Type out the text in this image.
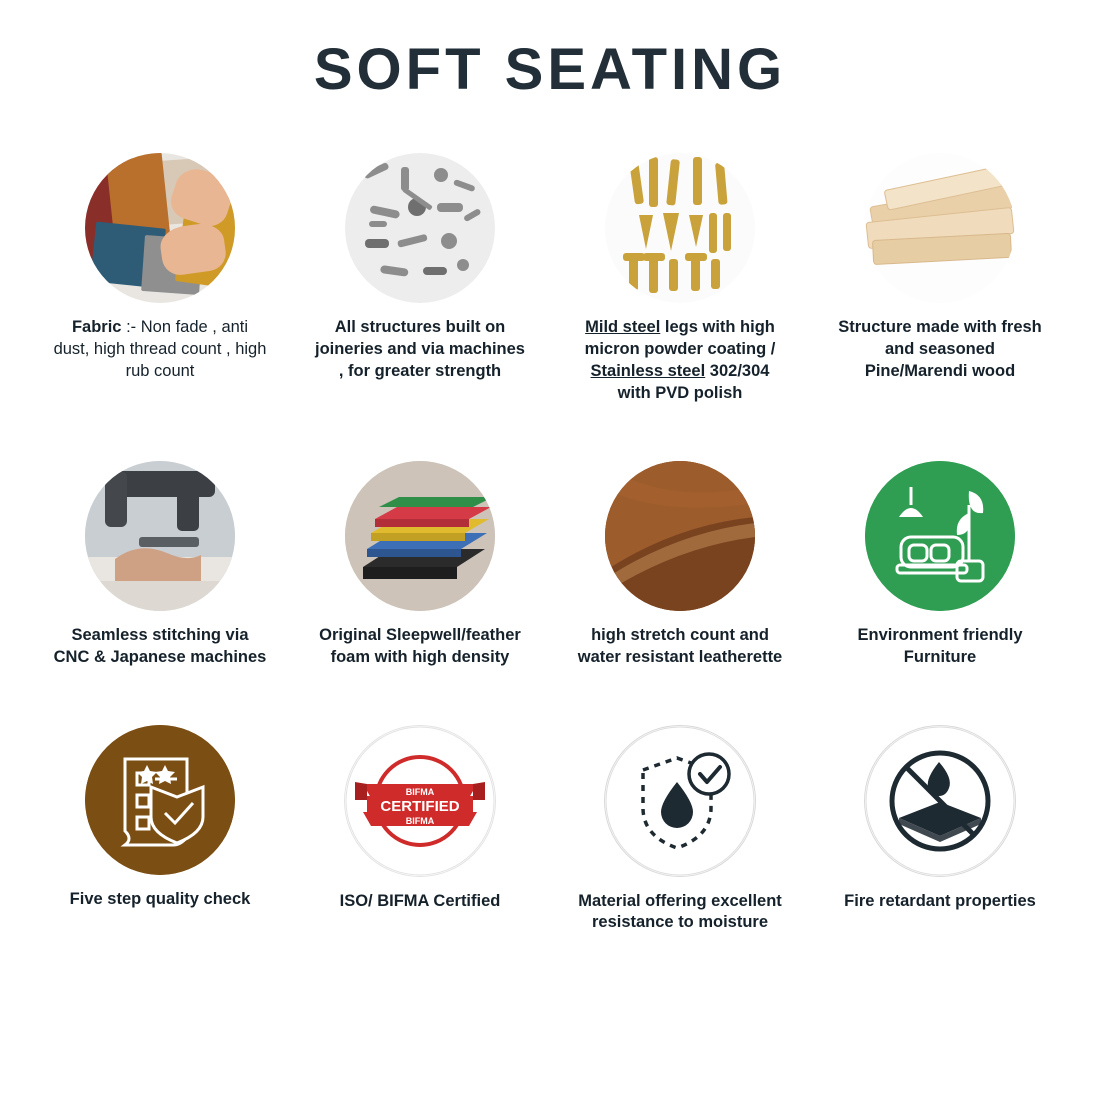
SOFT SEATING
Fabric :- Non fade , anti dust, high thread count , high rub count
All structures built on joineries and via machines , for greater strength
Mild steel legs with high micron powder coating / Stainless steel 302/304 with PVD polish
Structure made with fresh and seasoned Pine/Marendi wood
Seamless stitching via CNC & Japanese machines
Original Sleepwell/feather foam with high density
high stretch count and water resistant leatherette
Environment friendly Furniture
Five step quality check
BIFMA
CERTIFIED
BIFMA
ISO/ BIFMA Certified	Material offering excellent resistance to moisture
Fire retardant properties
